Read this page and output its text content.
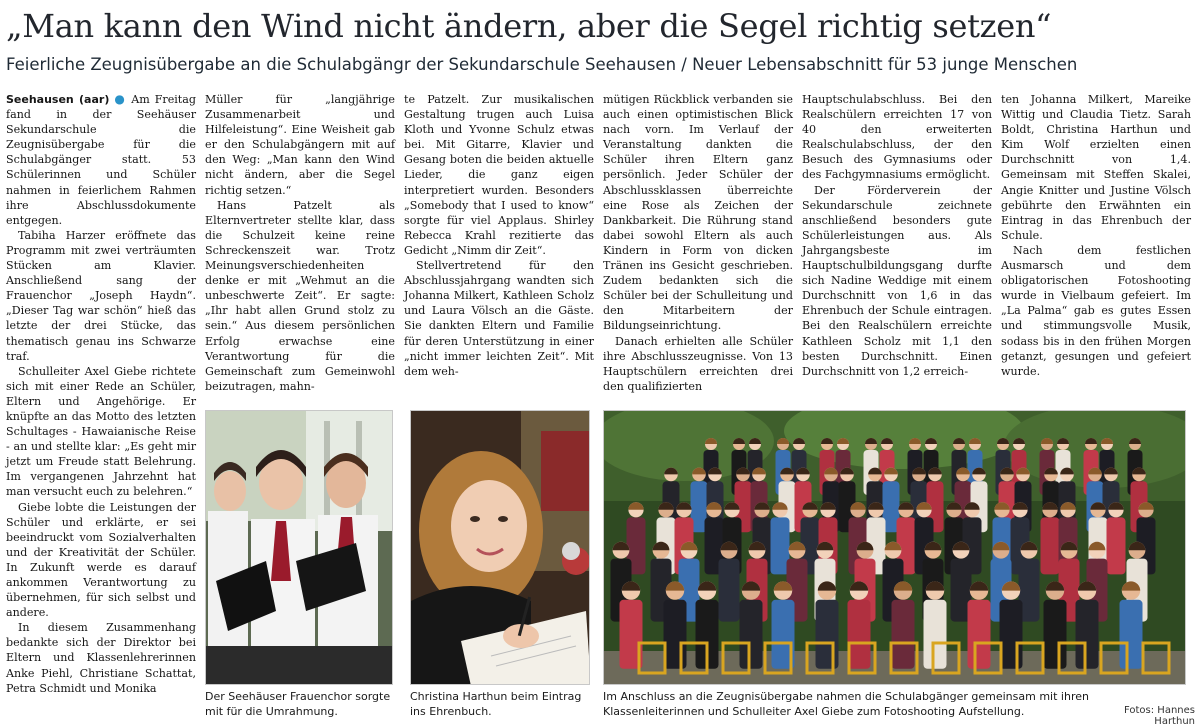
„Man kann den Wind nicht ändern, aber die Segel richtig setzen“
Feierliche Zeugnisübergabe an die Schulabgängr der Sekundarschule Seehausen / Neuer Lebensabschnitt für 53 junge Menschen

Seehausen (aar) ● Am Freitag fand in der Seehäuser Sekundarschule die Zeugnisübergabe für die Schulabgänger statt. 53 Schülerinnen und Schüler nahmen in feierlichem Rahmen ihre Abschlussdokumente entgegen.

Tabiha Harzer eröffnete das Programm mit zwei verträumten Stücken am Klavier. Anschließend sang der Frauenchor „Joseph Haydn“. „Dieser Tag war schön“ hieß das letzte der drei Stücke, das thematisch genau ins Schwarze traf.

Schulleiter Axel Giebe richtete sich mit einer Rede an Schüler, Eltern und Angehörige. Er knüpfte an das Motto des letzten Schultages - Hawaianische Reise - an und stellte klar: „Es geht mir jetzt um Freude statt Belehrung. Im vergangenen Jahrzehnt hat man versucht euch zu belehren.“

Giebe lobte die Leistungen der Schüler und erklärte, er sei beeindruckt vom Sozialverhalten und der Kreativität der Schüler. In Zukunft werde es darauf ankommen Verantwortung zu übernehmen, für sich selbst und andere.

In diesem Zusammenhang bedankte sich der Direktor bei Eltern und Klassenlehrerinnen Anke Piehl, Christiane Schattat, Petra Schmidt und Monika

Müller für „langjährige Zusammenarbeit und Hilfeleistung“. Eine Weisheit gab er den Schulabgängern mit auf den Weg: „Man kann den Wind nicht ändern, aber die Segel richtig setzen.“

Hans Patzelt als Elternvertreter stellte klar, dass die Schulzeit keine reine Schreckenszeit war. Trotz Meinungsverschiedenheiten denke er mit „Wehmut an die unbeschwerte Zeit“. Er sagte: „Ihr habt allen Grund stolz zu sein.“ Aus diesem persönlichen Erfolg erwachse eine Verantwortung für die Gemeinschaft zum Gemeinwohl beizutragen, mahn-

te Patzelt. Zur musikalischen Gestaltung trugen auch Luisa Kloth und Yvonne Schulz etwas bei. Mit Gitarre, Klavier und Gesang boten die beiden aktuelle Lieder, die ganz eigen interpretiert wurden. Besonders „Somebody that I used to know“ sorgte für viel Applaus. Shirley Rebecca Krahl rezitierte das Gedicht „Nimm dir Zeit“.

Stellvertretend für den Abschlussjahrgang wandten sich Johanna Milkert, Kathleen Scholz und Laura Völsch an die Gäste. Sie dankten Eltern und Familie für deren Unterstützung in einer „nicht immer leichten Zeit“. Mit dem weh-

mütigen Rückblick verbanden sie auch einen optimistischen Blick nach vorn. Im Verlauf der Veranstaltung dankten die Schüler ihren Eltern ganz persönlich. Jeder Schüler der Abschlussklassen überreichte eine Rose als Zeichen der Dankbarkeit. Die Rührung stand dabei sowohl Eltern als auch Kindern in Form von dicken Tränen ins Gesicht geschrieben. Zudem bedankten sich die Schüler bei der Schulleitung und den Mitarbeitern der Bildungseinrichtung.

Danach erhielten alle Schüler ihre Abschlusszeugnisse. Von 13 Hauptschülern erreichten drei den qualifizierten

Hauptschulabschluss. Bei den Realschülern erreichten 17 von 40 den erweiterten Realschulabschluss, der den Besuch des Gymnasiums oder des Fachgymnasiums ermöglicht.

Der Förderverein der Sekundarschule zeichnete anschließend besonders gute Schülerleistungen aus. Als Jahrgangsbeste im Hauptschulbildungsgang durfte sich Nadine Weddige mit einem Durchschnitt von 1,6 in das Ehrenbuch der Schule eintragen. Bei den Realschülern erreichte Kathleen Scholz mit 1,1 den besten Durchschnitt. Einen Durchschnitt von 1,2 erreich-

ten Johanna Milkert, Mareike Wittig und Claudia Tietz. Sarah Boldt, Christina Harthun und Kim Wolf erzielten einen Durchschnitt von 1,4. Gemeinsam mit Steffen Skalei, Angie Knitter und Justine Völsch gebührte den Erwähnten ein Eintrag in das Ehrenbuch der Schule.

Nach dem festlichen Ausmarsch und dem obligatorischen Fotoshooting wurde in Vielbaum gefeiert. Im „La Palma“ gab es gutes Essen und stimmungsvolle Musik, sodass bis in den frühen Morgen getanzt, gesungen und gefeiert wurde.

Der Seehäuser Frauenchor sorgte mit für die Umrahmung.
Christina Harthun beim Eintrag ins Ehrenbuch.
Im Anschluss an die Zeugnisübergabe nahmen die Schulabgänger gemeinsam mit ihren Klassenleiterinnen und Schulleiter Axel Giebe zum Fotoshooting Aufstellung.	Fotos: Hannes Harthun
